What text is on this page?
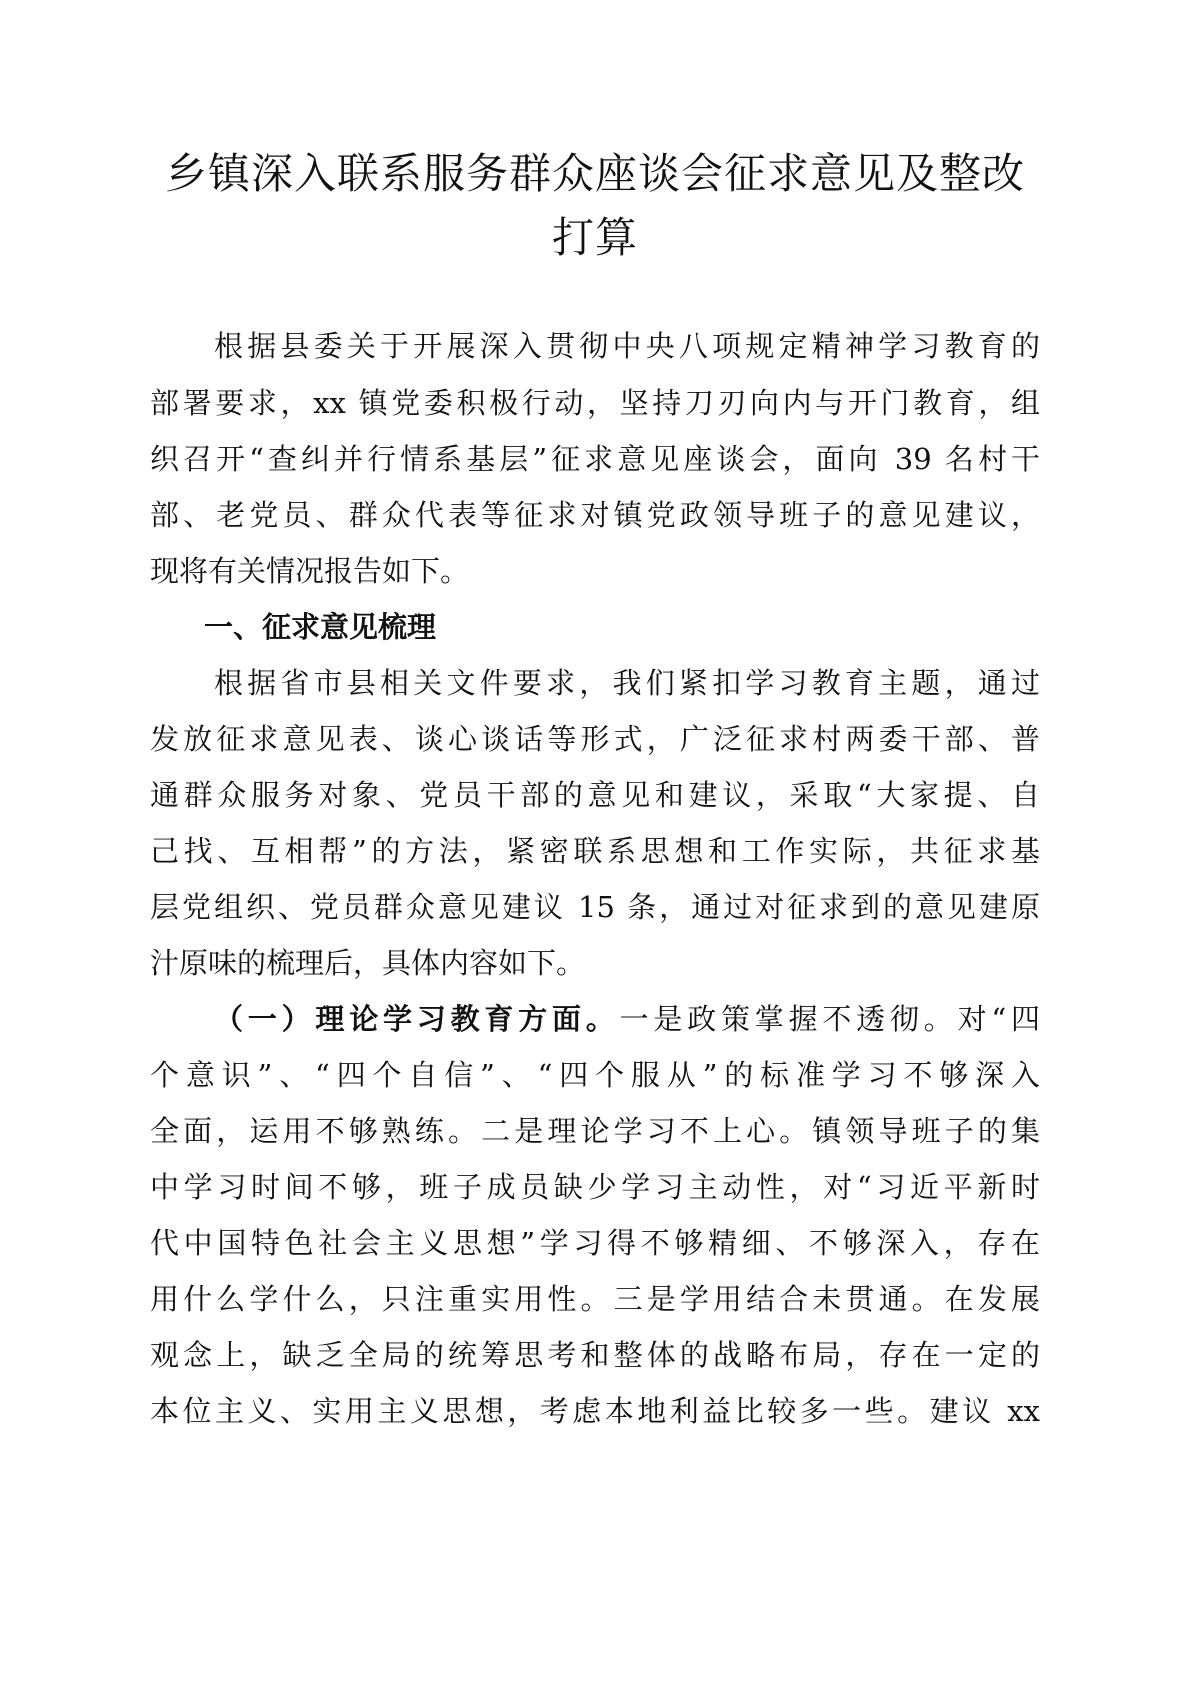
乡镇深入联系服务群众座谈会征求意见及整改
打算
根据县委关于开展深入贯彻中央八项规定精神学习教育的
部署要求，xx 镇党委积极行动，坚持刀刃向内与开门教育，组
织召开“查纠并行情系基层”征求意见座谈会，面向 39 名村干
部、老党员、群众代表等征求对镇党政领导班子的意见建议，
现将有关情况报告如下。
一、征求意见梳理
根据省市县相关文件要求，我们紧扣学习教育主题，通过
发放征求意见表、谈心谈话等形式，广泛征求村两委干部、普
通群众服务对象、党员干部的意见和建议，采取“大家提、自
己找、互相帮”的方法，紧密联系思想和工作实际，共征求基
层党组织、党员群众意见建议 15 条，通过对征求到的意见建原
汁原味的梳理后，具体内容如下。
（一）理论学习教育方面。一是政策掌握不透彻。对“四
个意识”、“四个自信”、“四个服从”的标准学习不够深入
全面，运用不够熟练。二是理论学习不上心。镇领导班子的集
中学习时间不够，班子成员缺少学习主动性，对“习近平新时
代中国特色社会主义思想”学习得不够精细、不够深入，存在
用什么学什么，只注重实用性。三是学用结合未贯通。在发展
观念上，缺乏全局的统筹思考和整体的战略布局，存在一定的
本位主义、实用主义思想，考虑本地利益比较多一些。建议 xx
